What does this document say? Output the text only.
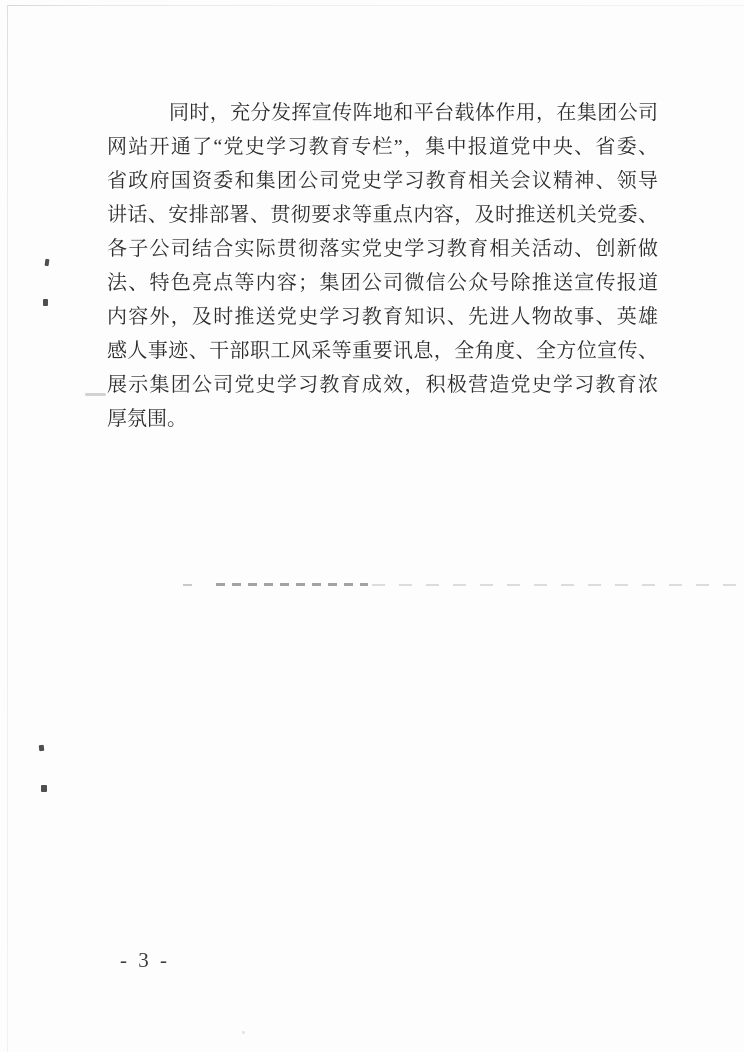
同时，充分发挥宣传阵地和平台载体作用，在集团公司
网站开通了“党史学习教育专栏”，集中报道党中央、省委、
省政府国资委和集团公司党史学习教育相关会议精神、领导
讲话、安排部署、贯彻要求等重点内容，及时推送机关党委、
各子公司结合实际贯彻落实党史学习教育相关活动、创新做
法、特色亮点等内容；集团公司微信公众号除推送宣传报道
内容外，及时推送党史学习教育知识、先进人物故事、英雄
感人事迹、干部职工风采等重要讯息，全角度、全方位宣传、
展示集团公司党史学习教育成效，积极营造党史学习教育浓
厚氛围。
- 3 -
